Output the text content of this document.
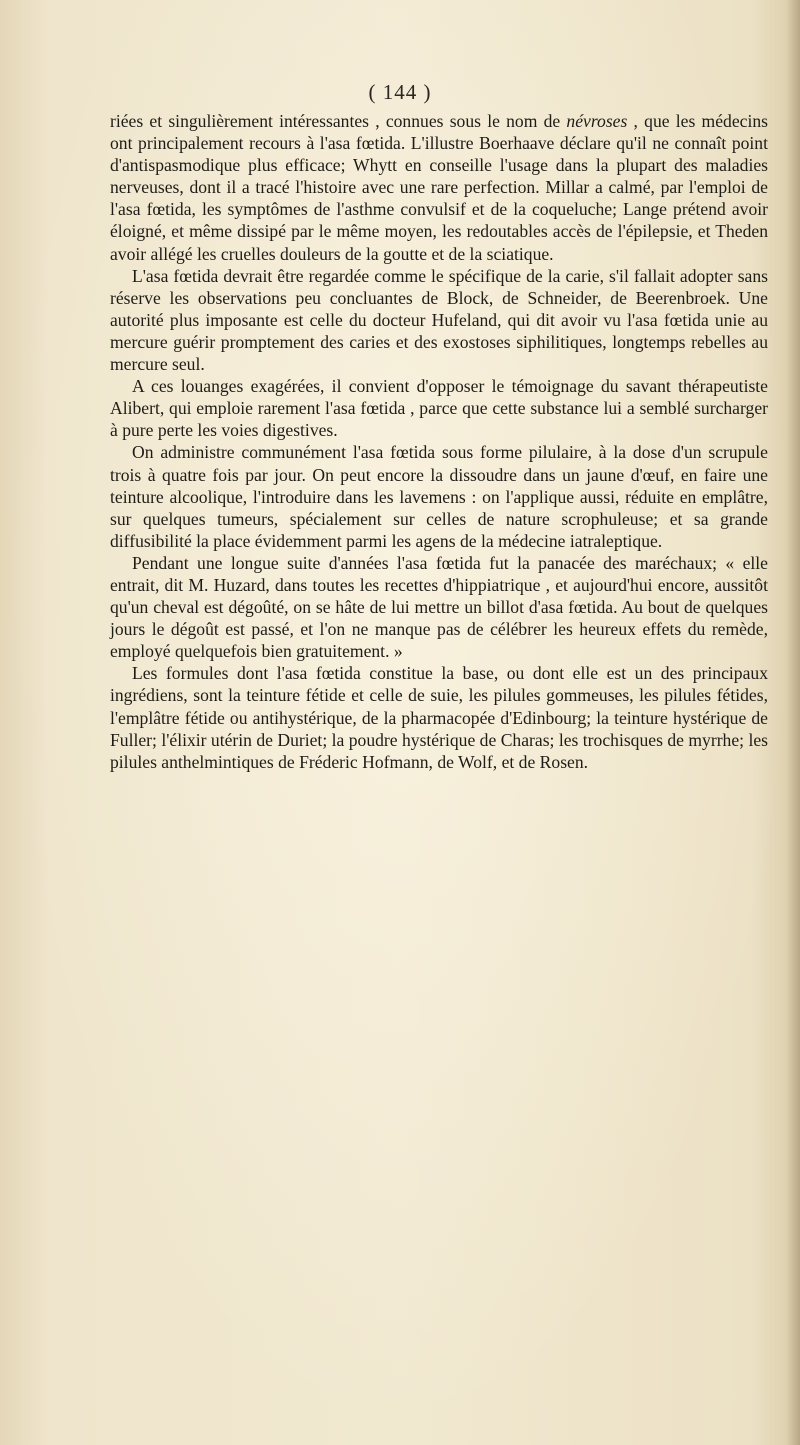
( 144 )

riées et singulièrement intéressantes , connues sous le nom de névroses , que les médecins ont principalement recours à l'asa fœtida. L'illustre Boerhaave déclare qu'il ne connaît point d'antispasmodique plus efficace; Whytt en conseille l'usage dans la plupart des maladies nerveuses, dont il a tracé l'histoire avec une rare perfection. Millar a calmé, par l'emploi de l'asa fœtida, les symptômes de l'asthme convulsif et de la coqueluche; Lange prétend avoir éloigné, et même dissipé par le même moyen, les redoutables accès de l'épilepsie, et Theden avoir allégé les cruelles douleurs de la goutte et de la sciatique.

L'asa fœtida devrait être regardée comme le spécifique de la carie, s'il fallait adopter sans réserve les observations peu concluantes de Block, de Schneider, de Beerenbroek. Une autorité plus imposante est celle du docteur Hufeland, qui dit avoir vu l'asa fœtida unie au mercure guérir promptement des caries et des exostoses siphilitiques, longtemps rebelles au mercure seul.

A ces louanges exagérées, il convient d'opposer le témoignage du savant thérapeutiste Alibert, qui emploie rarement l'asa fœtida , parce que cette substance lui a semblé surcharger à pure perte les voies digestives.

On administre communément l'asa fœtida sous forme pilulaire, à la dose d'un scrupule trois à quatre fois par jour. On peut encore la dissoudre dans un jaune d'œuf, en faire une teinture alcoolique, l'introduire dans les lavemens : on l'applique aussi, réduite en emplâtre, sur quelques tumeurs, spécialement sur celles de nature scrophuleuse; et sa grande diffusibilité la place évidemment parmi les agens de la médecine iatraleptique.

Pendant une longue suite d'années l'asa fœtida fut la panacée des maréchaux; « elle entrait, dit M. Huzard, dans toutes les recettes d'hippiatrique , et aujourd'hui encore, aussitôt qu'un cheval est dégoûté, on se hâte de lui mettre un billot d'asa fœtida. Au bout de quelques jours le dégoût est passé, et l'on ne manque pas de célébrer les heureux effets du remède, employé quelquefois bien gratuitement. »

Les formules dont l'asa fœtida constitue la base, ou dont elle est un des principaux ingrédiens, sont la teinture fétide et celle de suie, les pilules gommeuses, les pilules fétides, l'emplâtre fétide ou antihystérique, de la pharmacopée d'Edinbourg; la teinture hystérique de Fuller; l'élixir utérin de Duriet; la poudre hystérique de Charas; les trochisques de myrrhe; les pilules anthelmintiques de Fréderic Hofmann, de Wolf, et de Rosen.
